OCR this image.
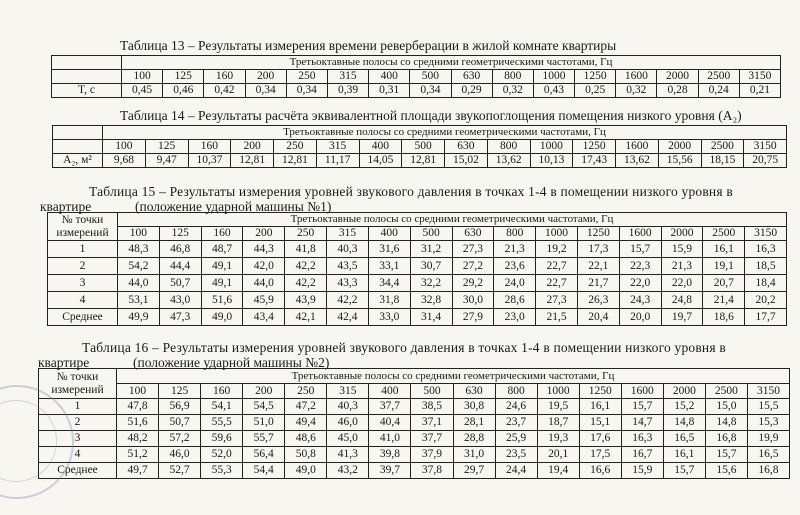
Таблица 13 – Результаты измерения времени реверберации в жилой комнате квартиры
	Третьоктавные полосы со средними геометрическими частотами, Гц															
	100	125	160	200	250	315	400	500	630	800	1000	1250	1600	2000	2500	3150
T, с	0,45	0,46	0,42	0,34	0,34	0,39	0,31	0,34	0,29	0,32	0,43	0,25	0,32	0,28	0,24	0,21
Таблица 14 – Результаты расчёта эквивалентной площади звукопоглощения помещения низкого уровня (А₂)
	Третьоктавные полосы со средними геометрическими частотами, Гц															
	100	125	160	200	250	315	400	500	630	800	1000	1250	1600	2000	2500	3150
А₂, м²	9,68	9,47	10,37	12,81	12,81	11,17	14,05	12,81	15,02	13,62	10,13	17,43	13,62	15,56	18,15	20,75
Таблица 15 – Результаты измерения уровней звукового давления в точках 1-4 в помещении низкого уровня в
квартире	(положение ударной машины №1)
№ точки измерений	Третьоктавные полосы со средними геометрическими частотами, Гц															
	100	125	160	200	250	315	400	500	630	800	1000	1250	1600	2000	2500	3150
1	48,3	46,8	48,7	44,3	41,8	40,3	31,6	31,2	27,3	21,3	19,2	17,3	15,7	15,9	16,1	16,3
2	54,2	44,4	49,1	42,0	42,2	43,5	33,1	30,7	27,2	23,6	22,7	22,1	22,3	21,3	19,1	18,5
3	44,0	50,7	49,1	44,0	42,2	43,3	34,4	32,2	29,2	24,0	22,7	21,7	22,0	22,0	20,7	18,4
4	53,1	43,0	51,6	45,9	43,9	42,2	31,8	32,8	30,0	28,6	27,3	26,3	24,3	24,8	21,4	20,2
Среднее	49,9	47,3	49,0	43,4	42,1	42,4	33,0	31,4	27,9	23,0	21,5	20,4	20,0	19,7	18,6	17,7
Таблица 16 – Результаты измерения уровней звукового давления в точках 1-4 в помещении низкого уровня в
квартире	(положение ударной машины №2)
№ точки измерений	Третьоктавные полосы со средними геометрическими частотами, Гц															
	100	125	160	200	250	315	400	500	630	800	1000	1250	1600	2000	2500	3150
1	47,8	56,9	54,1	54,5	47,2	40,3	37,7	38,5	30,8	24,6	19,5	16,1	15,7	15,2	15,0	15,5
2	51,6	50,7	55,5	51,0	49,4	46,0	40,4	37,1	28,1	23,7	18,7	15,1	14,7	14,8	14,8	15,3
3	48,2	57,2	59,6	55,7	48,6	45,0	41,0	37,7	28,8	25,9	19,3	17,6	16,3	16,5	16,8	19,9
4	51,2	46,0	52,0	56,4	50,8	41,3	39,8	37,9	31,0	23,5	20,1	17,5	16,7	16,1	15,7	16,5
Среднее	49,7	52,7	55,3	54,4	49,0	43,2	39,7	37,8	29,7	24,4	19,4	16,6	15,9	15,7	15,6	16,8
